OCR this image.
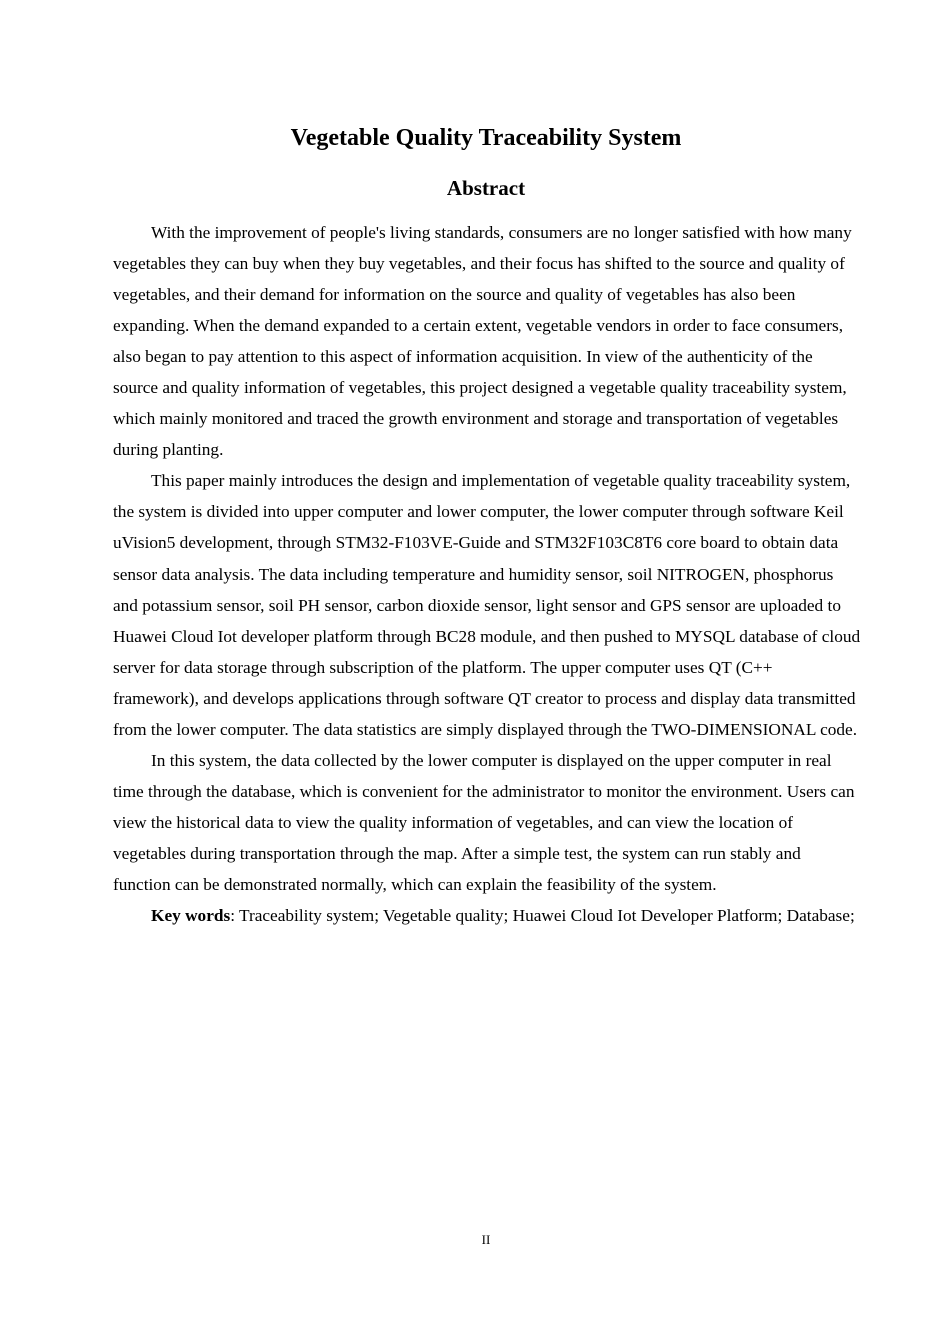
Vegetable Quality Traceability System
Abstract

With the improvement of people's living standards, consumers are no longer satisfied with how many vegetables they can buy when they buy vegetables, and their focus has shifted to the source and quality of vegetables, and their demand for information on the source and quality of vegetables has also been expanding. When the demand expanded to a certain extent, vegetable vendors in order to face consumers, also began to pay attention to this aspect of information acquisition. In view of the authenticity of the source and quality information of vegetables, this project designed a vegetable quality traceability system, which mainly monitored and traced the growth environment and storage and transportation of vegetables during planting.

This paper mainly introduces the design and implementation of vegetable quality traceability system, the system is divided into upper computer and lower computer, the lower computer through software Keil uVision5 development, through STM32-F103VE-Guide and STM32F103C8T6 core board to obtain data sensor data analysis. The data including temperature and humidity sensor, soil NITROGEN, phosphorus and potassium sensor, soil PH sensor, carbon dioxide sensor, light sensor and GPS sensor are uploaded to Huawei Cloud Iot developer platform through BC28 module, and then pushed to MYSQL database of cloud server for data storage through subscription of the platform. The upper computer uses QT (C++ framework), and develops applications through software QT creator to process and display data transmitted from the lower computer. The data statistics are simply displayed through the TWO-DIMENSIONAL code.

In this system, the data collected by the lower computer is displayed on the upper computer in real time through the database, which is convenient for the administrator to monitor the environment. Users can view the historical data to view the quality information of vegetables, and can view the location of vegetables during transportation through the map. After a simple test, the system can run stably and function can be demonstrated normally, which can explain the feasibility of the system.

Key words: Traceability system; Vegetable quality; Huawei Cloud Iot Developer Platform; Database;

II
